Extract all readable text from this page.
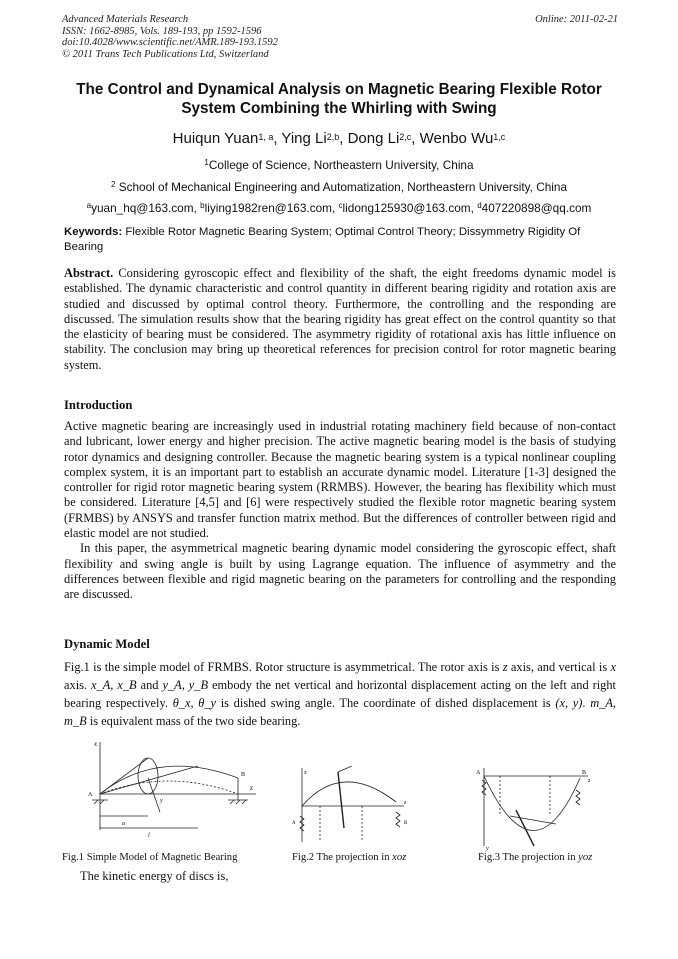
Advanced Materials Research	Online: 2011-02-21
ISSN: 1662-8985, Vols. 189-193, pp 1592-1596
doi:10.4028/www.scientific.net/AMR.189-193.1592
© 2011 Trans Tech Publications Ltd, Switzerland
The Control and Dynamical Analysis on Magnetic Bearing Flexible Rotor
System Combining the Whirling with Swing
Huiqun Yuan$^{1, a}$, Ying Li$^{2,b}$, Dong Li$^{2,c}$, Wenbo Wu$^{1,c}$
$^1$College of Science, Northeastern University, China
$^2$ School of Mechanical Engineering and Automatization, Northeastern University, China
$^a$yuan_hq@163.com, $^b$liying1982ren@163.com, $^c$lidong125930@163.com, $^d$407220898@qq.com
Keywords: Flexible Rotor Magnetic Bearing System; Optimal Control Theory; Dissymmetry Rigidity Of Bearing
Abstract. Considering gyroscopic effect and flexibility of the shaft, the eight freedoms dynamic model is established. The dynamic characteristic and control quantity in different bearing rigidity and rotation axis are studied and discussed by optimal control theory. Furthermore, the controlling and the responding are discussed. The simulation results show that the bearing rigidity has great effect on the control quantity so that the elasticity of bearing must be considered. The asymmetry rigidity of rotational axis has little influence on stability. The conclusion may bring up theoretical references for precision control for rotor magnetic bearing system.
Introduction

Active magnetic bearing are increasingly used in industrial rotating machinery field because of non-contact and lubricant, lower energy and higher precision. The active magnetic bearing model is the basis of studying rotor dynamics and designing controller. Because the magnetic bearing system is a typical nonlinear coupling complex system, it is an important part to establish an accurate dynamic model. Literature [1-3] designed the controller for rigid rotor magnetic bearing system (RRMBS). However, the bearing has flexibility which must be considered. Literature [4,5] and [6] were respectively studied the flexible rotor magnetic bearing system (FRMBS) by ANSYS and transfer function matrix method. But the differences of controller between rigid and elastic model are not studied.

In this paper, the asymmetrical magnetic bearing dynamic model considering the gyroscopic effect, shaft flexibility and swing angle is built by using Lagrange equation. The influence of asymmetry and the differences between flexible and rigid magnetic bearing on the parameters for controlling and the responding are discussed.

Dynamic Model
Fig.1 is the simple model of FRMBS. Rotor structure is asymmetrical. The rotor axis is z axis, and vertical is x axis. x_A, x_B and y_A, y_B embody the net vertical and horizontal displacement acting on the left and right bearing respectively. θ_x, θ_y is dished swing angle. The coordinate of dished displacement is (x, y). m_A, m_B is equivalent mass of the two side bearing.
x
z
A
B
a
l
y
Fig.1 Simple Model of Magnetic Bearing
x
z
A	B
Fig.2 The projection in xoz
A	B
z
y
Fig.3 The projection in yoz
The kinetic energy of discs is,
